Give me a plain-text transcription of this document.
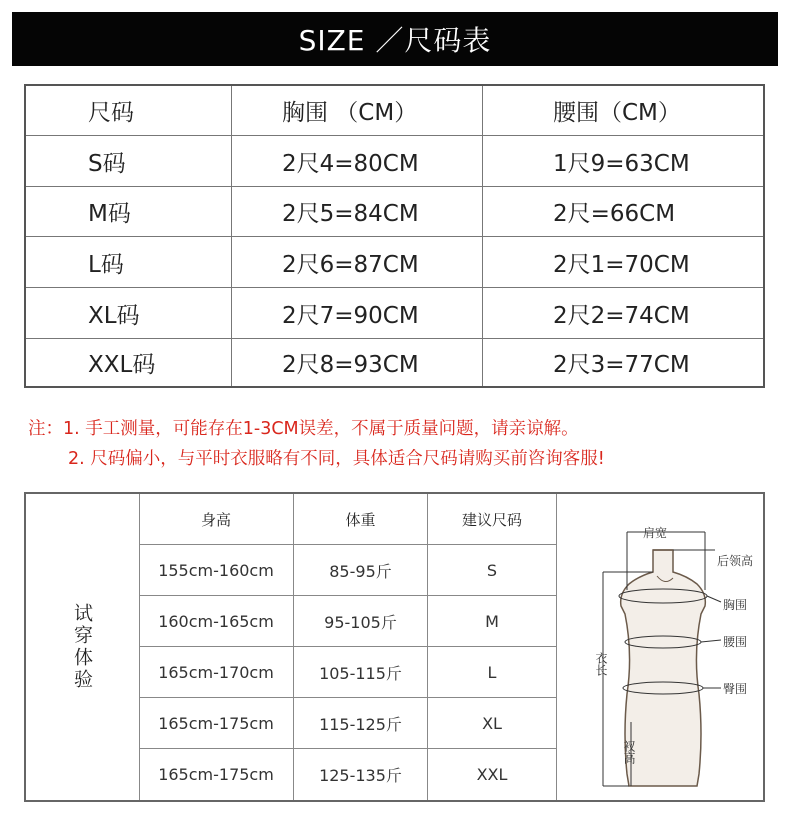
SIZE ／尺码表
尺码	胸围 （CM）	腰围（CM）
S码	2尺4=80CM	1尺9=63CM
M码	2尺5=84CM	2尺=66CM
L码	2尺6=87CM	2尺1=70CM
XL码	2尺7=90CM	2尺2=74CM
XXL码	2尺8=93CM	2尺3=77CM
注：1. 手工测量，可能存在1-3CM误差，不属于质量问题，请亲谅解。
2. 尺码偏小，与平时衣服略有不同，具体适合尺码请购买前咨询客服!
试穿体验
身高	体重	建议尺码
155cm-160cm	85-95斤	S
160cm-165cm	95-105斤	M
165cm-170cm	105-115斤	L
165cm-175cm	115-125斤	XL
165cm-175cm	125-135斤	XXL
肩宽
后领高
胸围
腰围
臀围
衣长
衩高
